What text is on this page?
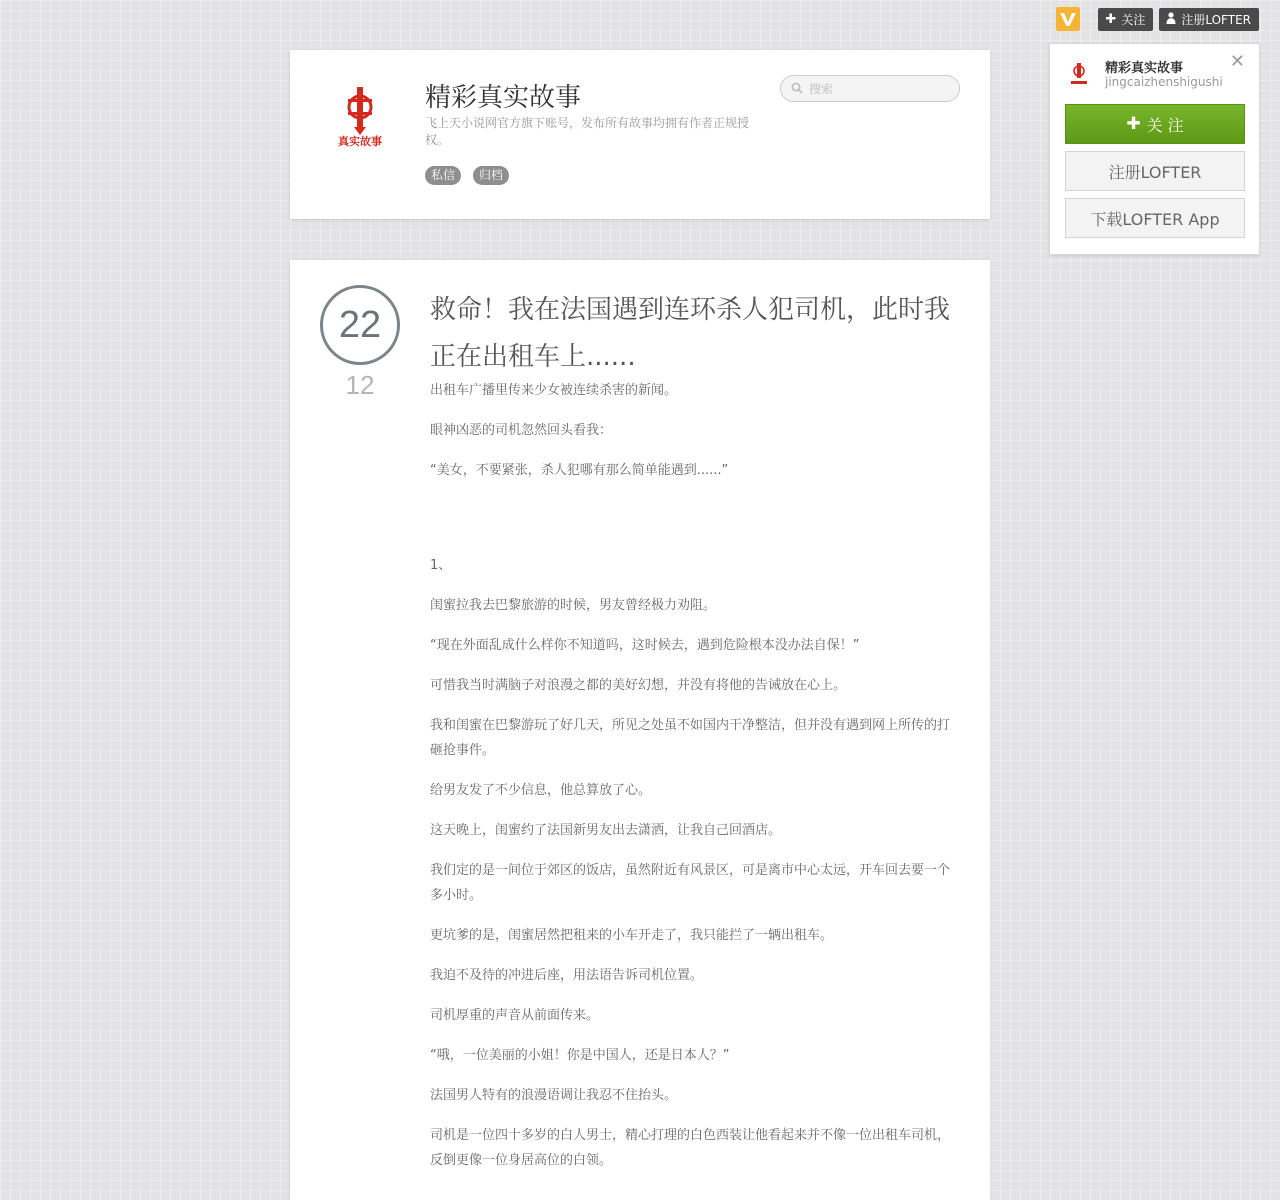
✚ 关注	注册LOFTER
精彩真实故事
jingcaizhenshigushi
✕
✚ 关 注
注册LOFTER
下载LOFTER App
真实故事
精彩真实故事
飞上天小说网官方旗下账号，发布所有故事均拥有作者正规授权。
私信	归档
搜索
22
12
救命！我在法国遇到连环杀人犯司机，此时我正在出租车上......

出租车广播里传来少女被连续杀害的新闻。

眼神凶恶的司机忽然回头看我：

“美女，不要紧张，杀人犯哪有那么简单能遇到......”

1、

闺蜜拉我去巴黎旅游的时候，男友曾经极力劝阻。

“现在外面乱成什么样你不知道吗，这时候去，遇到危险根本没办法自保！”

可惜我当时满脑子对浪漫之都的美好幻想，并没有将他的告诫放在心上。

我和闺蜜在巴黎游玩了好几天，所见之处虽不如国内干净整洁，但并没有遇到网上所传的打砸抢事件。

给男友发了不少信息，他总算放了心。

这天晚上，闺蜜约了法国新男友出去潇洒，让我自己回酒店。

我们定的是一间位于郊区的饭店，虽然附近有风景区，可是离市中心太远，开车回去要一个多小时。

更坑爹的是，闺蜜居然把租来的小车开走了，我只能拦了一辆出租车。

我迫不及待的冲进后座，用法语告诉司机位置。

司机厚重的声音从前面传来。

“哦，一位美丽的小姐！你是中国人，还是日本人？”

法国男人特有的浪漫语调让我忍不住抬头。

司机是一位四十多岁的白人男士，精心打理的白色西装让他看起来并不像一位出租车司机，反倒更像一位身居高位的白领。
